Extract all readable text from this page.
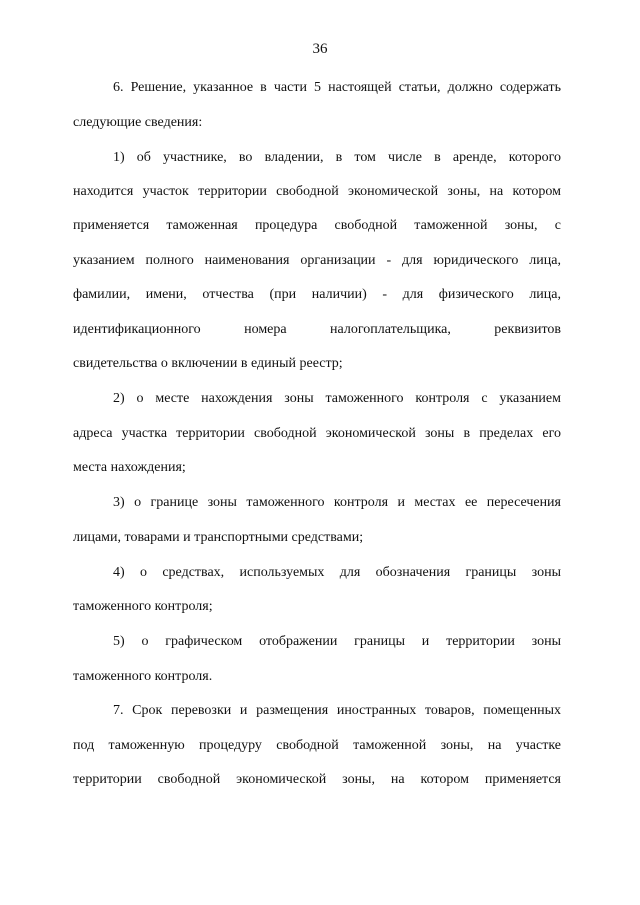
36
6. Решение, указанное в части 5 настоящей статьи, должно содержать
следующие сведения:
1) об участнике, во владении, в том числе в аренде, которого
находится участок территории свободной экономической зоны, на котором
применяется таможенная процедура свободной таможенной зоны, с
указанием полного наименования организации - для юридического лица,
фамилии, имени, отчества (при наличии) - для физического лица,
идентификационного номера налогоплательщика, реквизитов
свидетельства о включении в единый реестр;
2) о месте нахождения зоны таможенного контроля с указанием
адреса участка территории свободной экономической зоны в пределах его
места нахождения;
3) о границе зоны таможенного контроля и местах ее пересечения
лицами, товарами и транспортными средствами;
4) о средствах, используемых для обозначения границы зоны
таможенного контроля;
5) о графическом отображении границы и территории зоны
таможенного контроля.
7. Срок перевозки и размещения иностранных товаров, помещенных
под таможенную процедуру свободной таможенной зоны, на участке
территории свободной экономической зоны, на котором применяется
